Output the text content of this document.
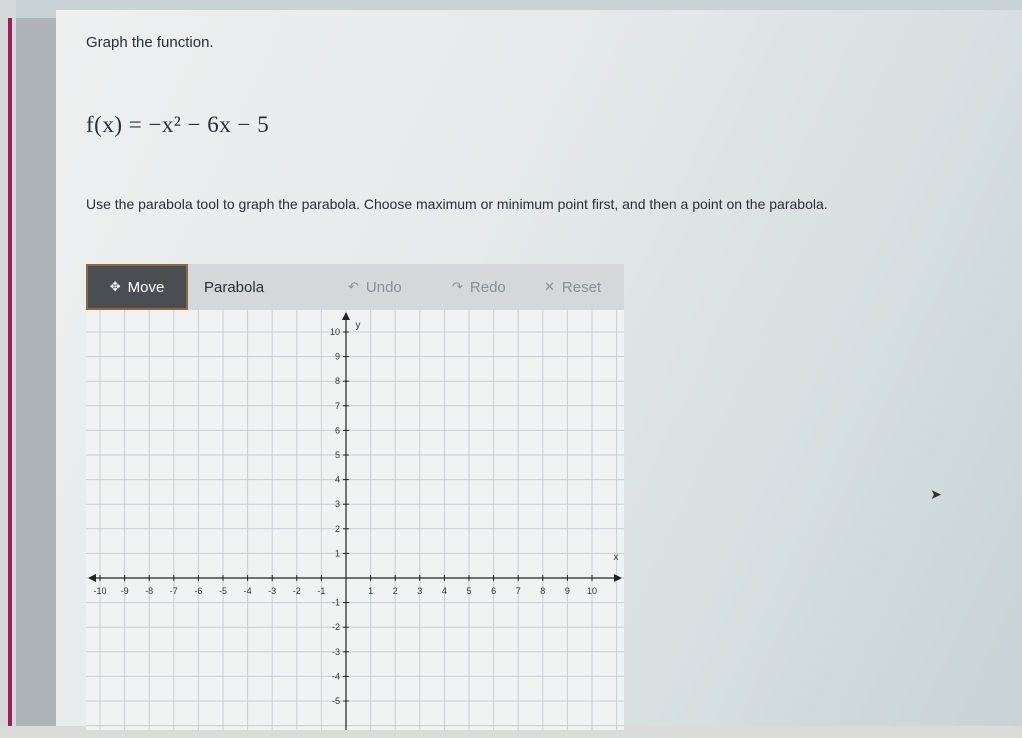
Graph the function.
f(x) = −x² − 6x − 5
Use the parabola tool to graph the parabola. Choose maximum or minimum point first, and then a point on the parabola.
✥ Move	Parabola	↶ Undo	↷ Redo	✕ Reset
-10 -9 -8 -7 -6 -5 -4 -3 -2 -1	1 2 3 4 5 6 7 8 9 10
10
9
8
7
6
5
4
3
2
1
-1
-2
-3
-4
-5
x
y
➤
